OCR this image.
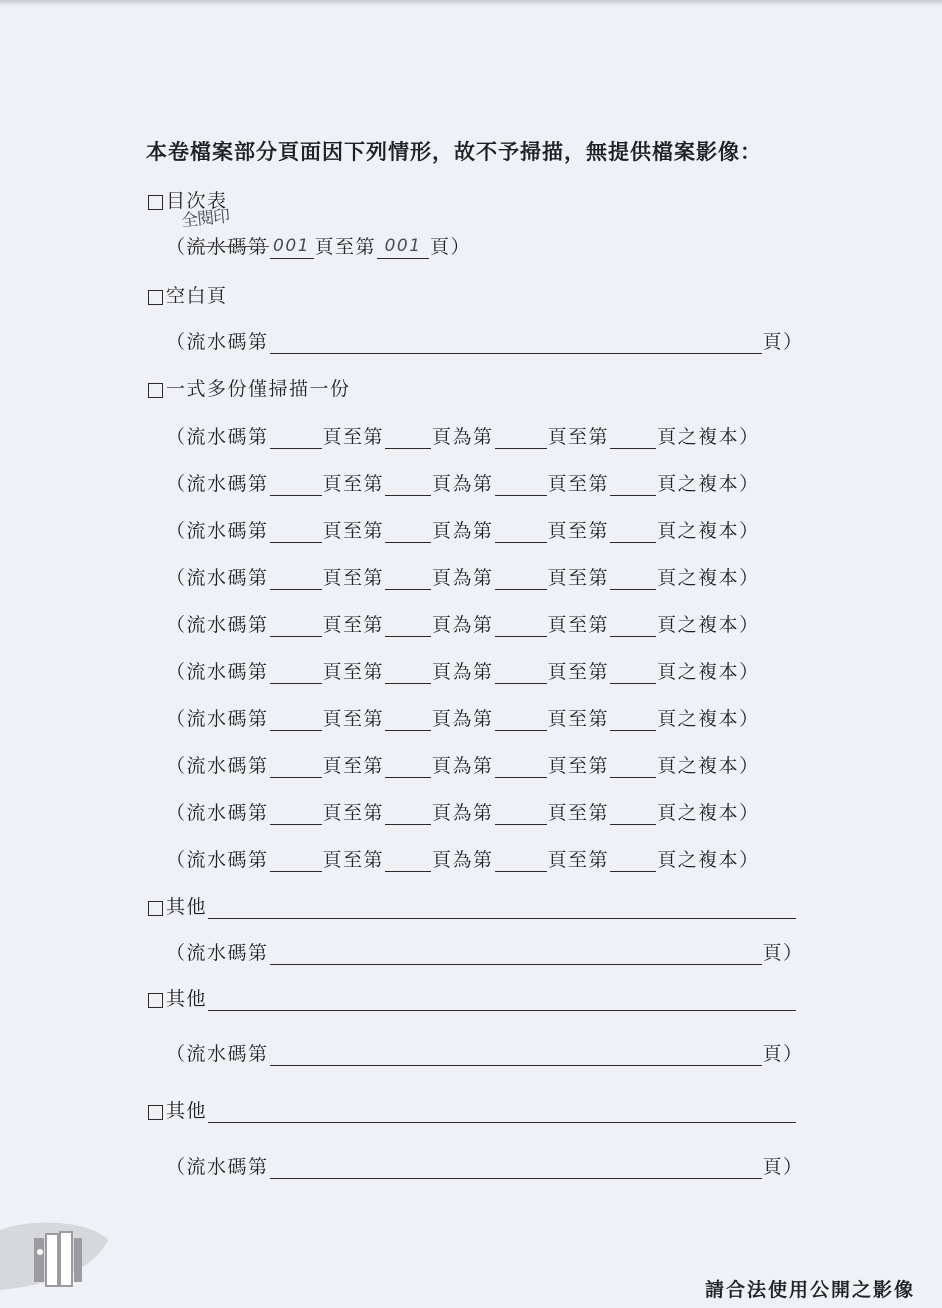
本卷檔案部分頁面因下列情形，故不予掃描，無提供檔案影像：
目次表
全閱印
（ 流水碼第 001 頁至第 001 頁）
空白頁
（流水碼第	頁）
一式多份僅掃描一份
（流水碼第	頁至第	頁為第	頁至第	頁之複本）
（流水碼第	頁至第	頁為第	頁至第	頁之複本）
（流水碼第	頁至第	頁為第	頁至第	頁之複本）
（流水碼第	頁至第	頁為第	頁至第	頁之複本）
（流水碼第	頁至第	頁為第	頁至第	頁之複本）
（流水碼第	頁至第	頁為第	頁至第	頁之複本）
（流水碼第	頁至第	頁為第	頁至第	頁之複本）
（流水碼第	頁至第	頁為第	頁至第	頁之複本）
（流水碼第	頁至第	頁為第	頁至第	頁之複本）
（流水碼第	頁至第	頁為第	頁至第	頁之複本）
其他
（流水碼第	頁）
其他
（流水碼第	頁）
其他
（流水碼第	頁）
請合法使用公開之影像
